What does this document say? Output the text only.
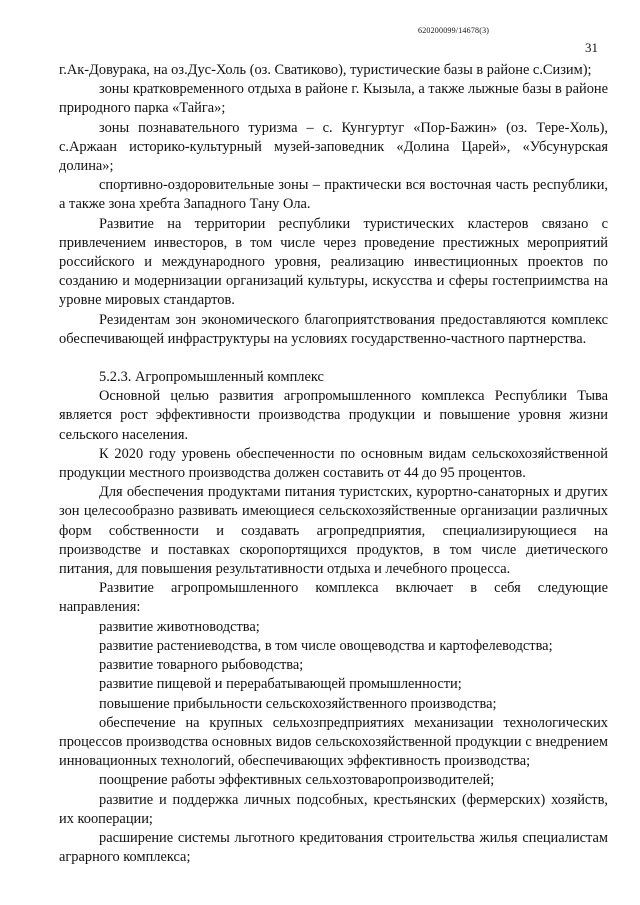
620200099/14678(3)
31

г.Ак-Довурака, на оз.Дус-Холь (оз. Сватиково), туристические базы в районе с.Сизим);

зоны кратковременного отдыха в районе г. Кызыла, а также лыжные базы в районе природного парка «Тайга»;

зоны познавательного туризма – с. Кунгуртуг «Пор-Бажин» (оз. Тере-Холь), с.Аржаан историко-культурный музей-заповедник «Долина Царей», «Убсунурская долина»;

спортивно-оздоровительные зоны – практически вся восточная часть республики, а также зона хребта Западного Тану Ола.

Развитие на территории республики туристических кластеров связано с привлечением инвесторов, в том числе через проведение престижных мероприятий российского и международного уровня, реализацию инвестиционных проектов по созданию и модернизации организаций культуры, искусства и сферы гостеприимства на уровне мировых стандартов.

Резидентам зон экономического благоприятствования предоставляются комплекс обеспечивающей инфраструктуры на условиях государственно-частного партнерства.

5.2.3. Агропромышленный комплекс

Основной целью развития агропромышленного комплекса Республики Тыва является рост эффективности производства продукции и повышение уровня жизни сельского населения.

К 2020 году уровень обеспеченности по основным видам сельскохозяйственной продукции местного производства должен составить от 44 до 95 процентов.

Для обеспечения продуктами питания туристских, курортно-санаторных и других зон целесообразно развивать имеющиеся сельскохозяйственные организации различных форм собственности и создавать агропредприятия, специализирующиеся на производстве и поставках скоропортящихся продуктов, в том числе диетического питания, для повышения результативности отдыха и лечебного процесса.

Развитие агропромышленного комплекса включает в себя следующие направления:

развитие животноводства;

развитие растениеводства, в том числе овощеводства и картофелеводства;

развитие товарного рыбоводства;

развитие пищевой и перерабатывающей промышленности;

повышение прибыльности сельскохозяйственного производства;

обеспечение на крупных сельхозпредприятиях механизации технологических процессов производства основных видов сельскохозяйственной продукции с внедрением инновационных технологий, обеспечивающих эффективность производства;

поощрение работы эффективных сельхозтоваропроизводителей;

развитие и поддержка личных подсобных, крестьянских (фермерских) хозяйств, их кооперации;

расширение системы льготного кредитования строительства жилья специалистам аграрного комплекса;
